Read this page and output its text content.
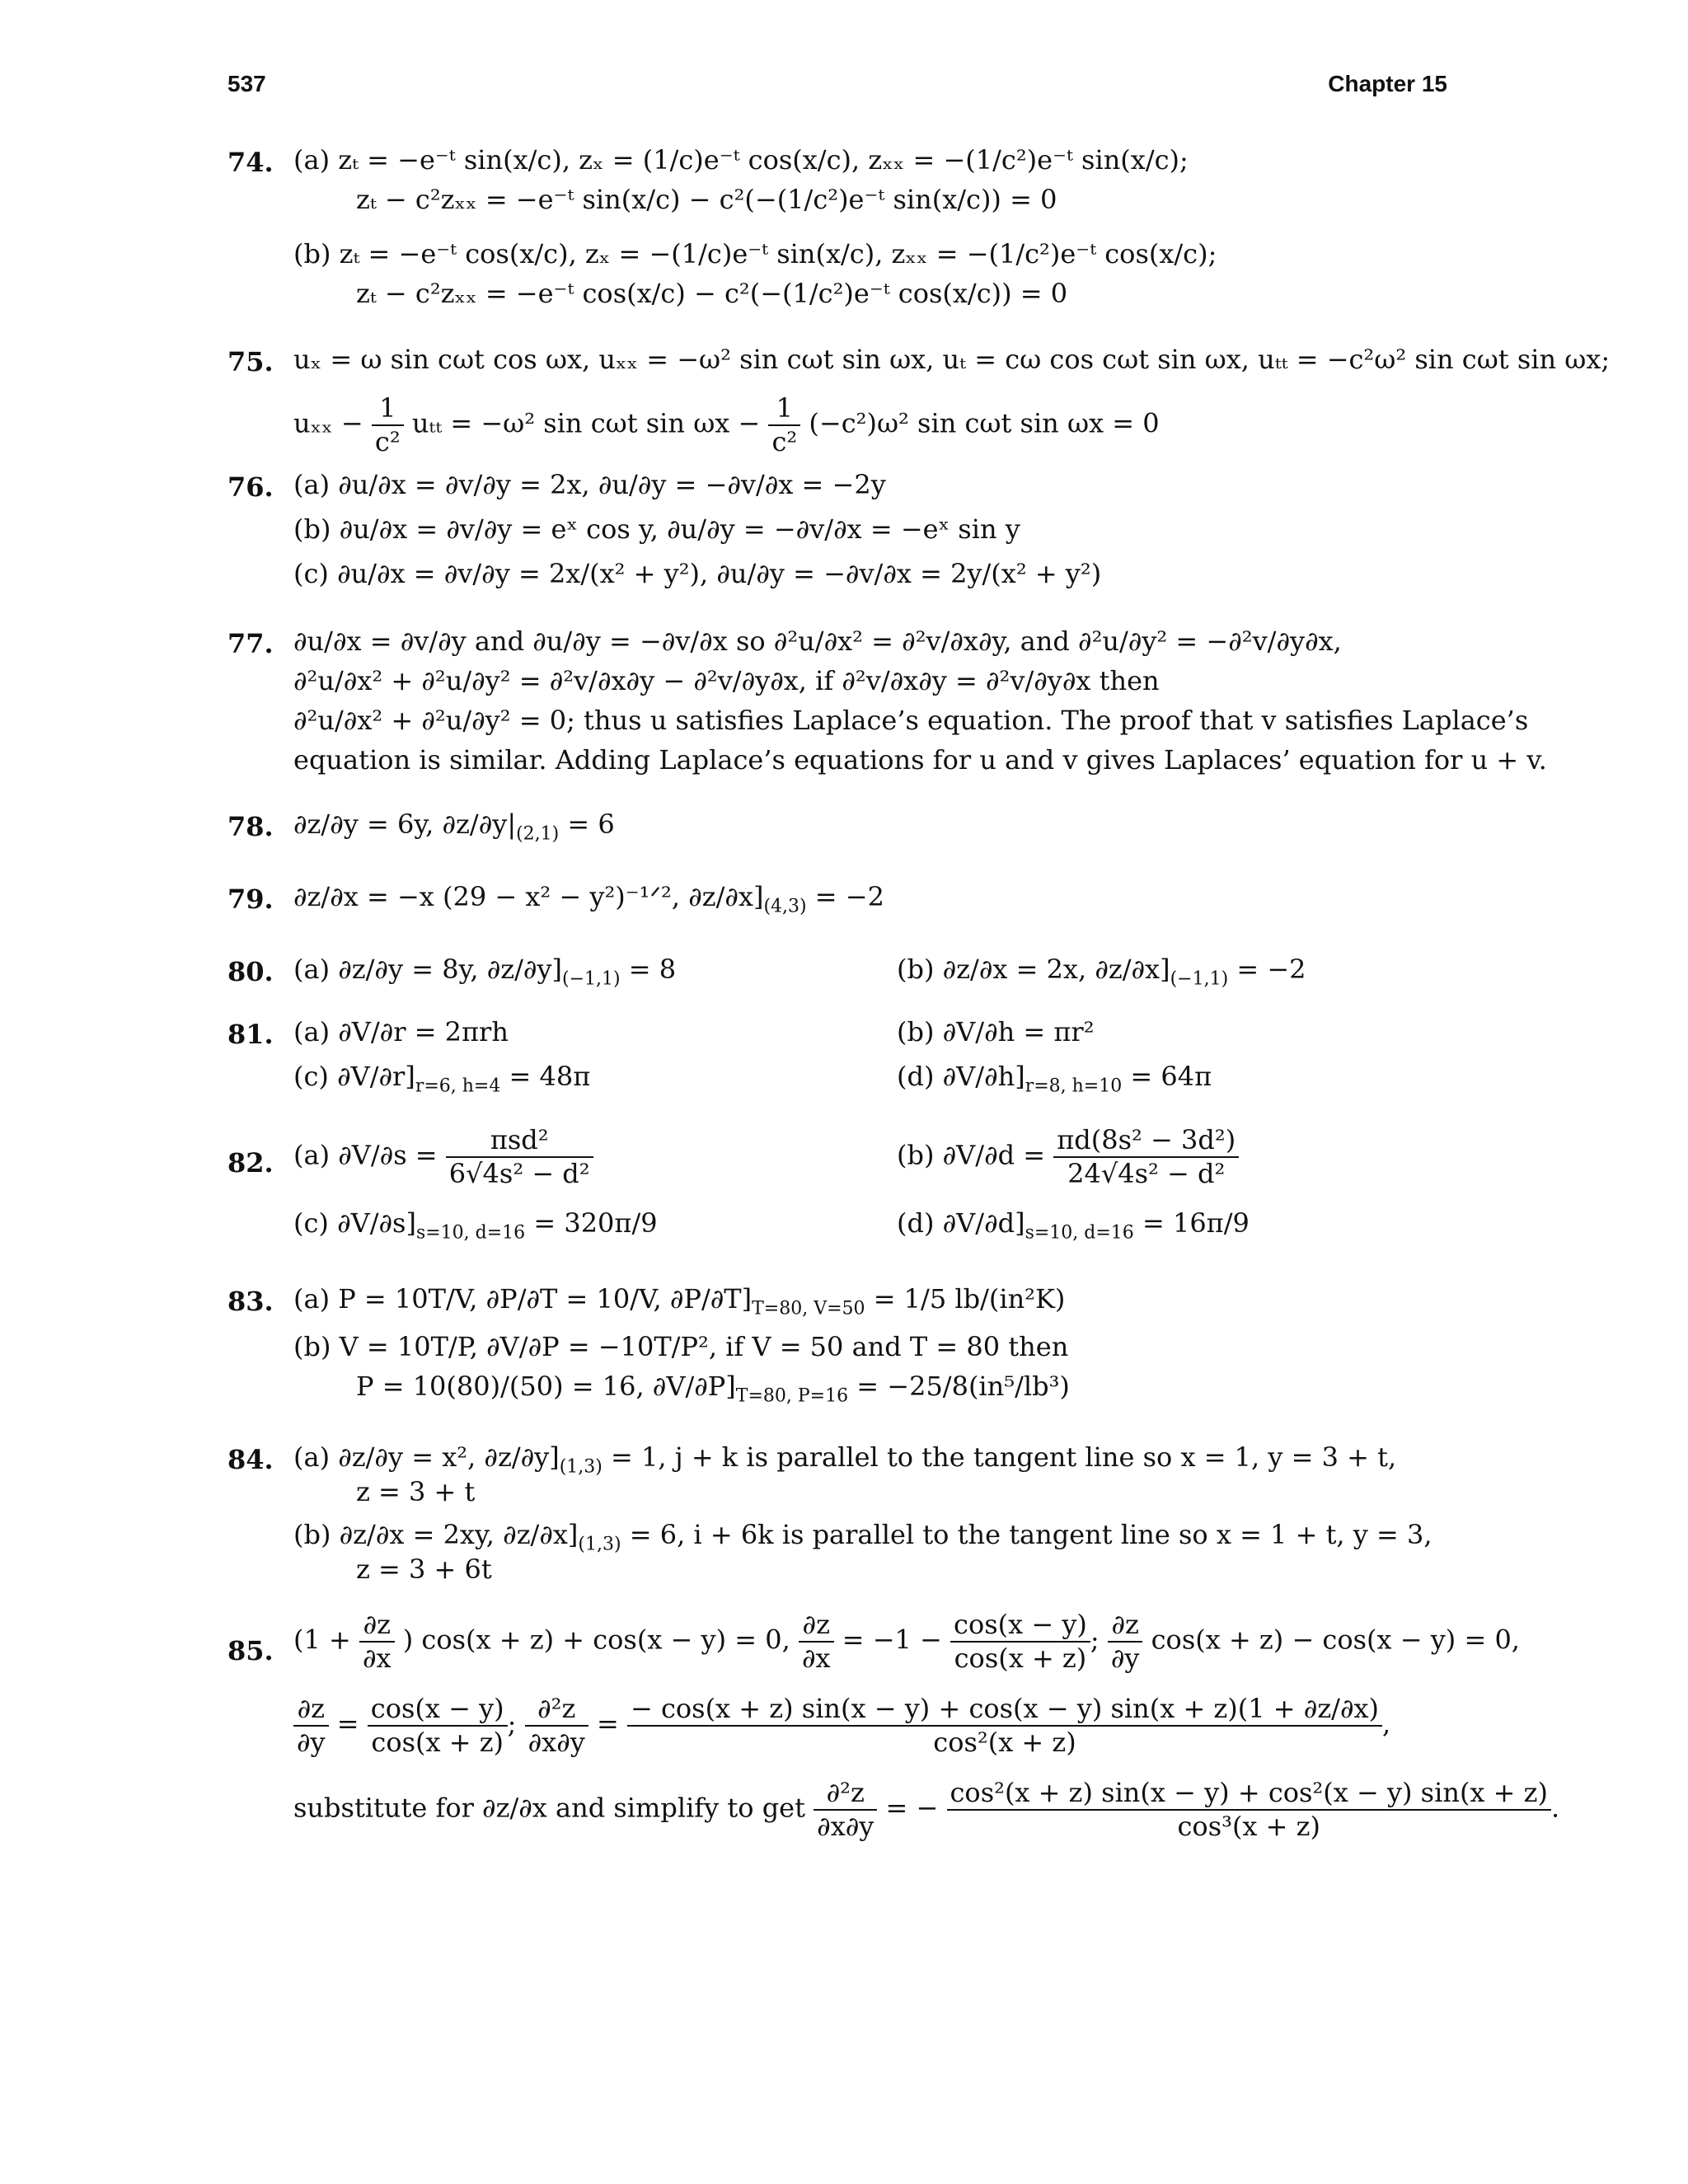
537	Chapter 15
74. (a) zₜ = −e⁻ᵗ sin(x/c), zₓ = (1/c)e⁻ᵗ cos(x/c), zₓₓ = −(1/c²)e⁻ᵗ sin(x/c);
zₜ − c²zₓₓ = −e⁻ᵗ sin(x/c) − c²(−(1/c²)e⁻ᵗ sin(x/c)) = 0
(b) zₜ = −e⁻ᵗ cos(x/c), zₓ = −(1/c)e⁻ᵗ sin(x/c), zₓₓ = −(1/c²)e⁻ᵗ cos(x/c);
zₜ − c²zₓₓ = −e⁻ᵗ cos(x/c) − c²(−(1/c²)e⁻ᵗ cos(x/c)) = 0
75. uₓ = ω sin cωt cos ωx, uₓₓ = −ω² sin cωt sin ωx, uₜ = cω cos cωt sin ωx, uₜₜ = −c²ω² sin cωt sin ωx;
$u_{xx} - \frac{1}{\text{c²}}$ uₜₜ = −ω² sin cωt $\sin \omega x - \frac{1}{\text{c²}} (-c^2)\omega^2$ sin cωt sin ωx = 0
76. (a) ∂u/∂x = ∂v/∂y = 2x, ∂u/∂y = −∂v/∂x = −2y
(b) ∂u/∂x = ∂v/∂y = eˣ cos y, ∂u/∂y = −∂v/∂x = −eˣ sin y
(c) ∂u/∂x = ∂v/∂y = 2x/(x² + y²), ∂u/∂y = −∂v/∂x = 2y/(x² + y²)
77. ∂u/∂x = ∂v/∂y and ∂u/∂y = −∂v/∂x so ∂²u/∂x² = ∂²v/∂x∂y, and ∂²u/∂y² = −∂²v/∂y∂x,
∂²u/∂x² + ∂²u/∂y² = ∂²v/∂x∂y − ∂²v/∂y∂x, if ∂²v/∂x∂y = ∂²v/∂y∂x then
∂²u/∂x² + ∂²u/∂y² = 0; thus u satisfies Laplace’s equation. The proof that v satisfies Laplace’s
equation is similar. Adding Laplace’s equations for u and v gives Laplaces’ equation for u + v.
78. ∂z/∂y = 6y, $\partial z/\partial y|_{(2,1)} = 6$
79. ∂z/∂x = −x (29 − x² − y²)⁻¹ᐟ², $\partial z/\partial x]_{(4,3)} = -2$
80. (a) ∂z/∂y = 8y, $\partial z/\partial y]_{(-1,1)} = 8$	(b) ∂z/∂x = 2x, $\partial z/\partial x]_{(-1,1)} = -2$
81. (a) ∂V/∂r = 2πrh	(b) ∂V/∂h = πr²
(c) $\partial V/\partial r]_{r=6, h=4} = 48\pi$	(d) $\partial V/\partial h]_{r=8, h=10} = 64\pi$
82. (a) $\partial V/\partial s = \frac{\text{πsd²}}{\text{6√4s² − d²}}$	(b) $\partial V/\partial d = \frac{\text{πd(8s² − 3d²)}}{\text{24√4s² − d²}}$
(c) $\partial V/\partial s]_{s=10, d=16} = 320\pi/9$	(d) $\partial V/\partial d]_{s=10, d=16} = 16\pi/9$
83. (a) P = 10T/V, ∂P/∂T = 10/V, $\partial P/\partial T]_{T=80, V=50} = 1/5$ lb/(in²K)
(b) V = 10T/P, ∂V/∂P = −10T/P², if V = 50 and T = 80 then
P = 10(80)/(50) = 16, $\partial V/\partial P]_{T=80, P=16} = -25/8(in^5/lb^3)$
84. (a) ∂z/∂y = x², $\partial z/\partial y]_{(1,3)} = 1$, j + k is parallel to the tangent line so x = 1, y = 3 + t,
z = 3 + t
(b) ∂z/∂x = 2xy, $\partial z/\partial x]_{(1,3)} = 6$, i + 6k is parallel to the tangent line so x = 1 + t, y = 3,
z = 3 + 6t
85. ($1 + \frac{\partial z}{\partial x}$ ) cos(x + z) + cos(x − y) = 0, $\frac{\partial z}{\partial x} = -1 - \frac{\cos(x - y)}{\cos(x + z)}$ ; $\frac{\partial z}{\partial y} \cos(x + z) - \cos(x - y) = 0$,
$\frac{\partial z}{\partial y} = \frac{\cos(x - y)}{\cos(x + z)}$ ; $\frac{\text{∂²z}}{\partial x\partial y} = \frac{- \cos(x + z) \sin(x - y) + \cos(x - y) \sin(x + z)(1 + \partial z/\partial x)}{\text{cos²(x + z)}}$ ,
substitute for ∂z/∂x and simplify to get $\frac{\text{∂²z}}{\partial x\partial y}$ = − $\frac{\text{cos²(x + z) sin(x − y) + cos²(x − y) sin(x + z)}}{\text{cos³(x + z)}}$ .
